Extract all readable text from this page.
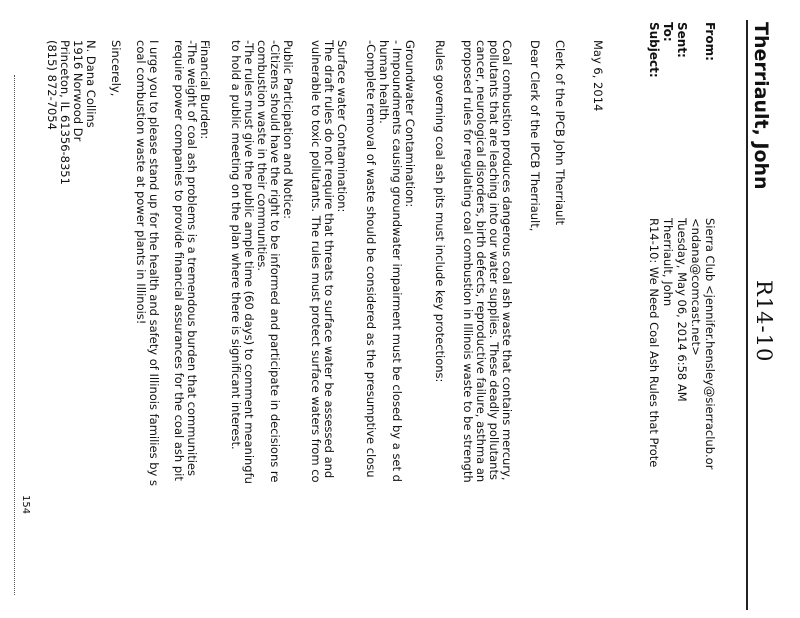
Therriault, John
R14-10
From:
Sierra Club <jennifer.hensley@sierraclub.or
<ndana@comcast.net>
Sent:
Tuesday, May 06, 2014 6:58 AM
To:
Therriault, John
Subject:
R14-10: We Need Coal Ash Rules that Prote
May 6, 2014
Clerk of the IPCB John Therriault
Dear Clerk of the IPCB Therriault,
Coal combustion produces dangerous coal ash waste that contains mercury,
pollutants that are leaching into our water supplies. These deadly pollutants
cancer, neurological disorders, birth defects, reproductive failure, asthma an
proposed rules for regulating coal combustion in Illinois waste to be strength
Rules governing coal ash pits must include key protections:
Groundwater Contamination:
- Impoundments causing groundwater impairment must be closed by a set d
human health.
-Complete removal of waste should be considered as the presumptive closu
Surface water Contamination:
The draft rules do not require that threats to surface water be assessed and
vulnerable to toxic pollutants. The rules must protect surface waters from co
Public Participation and Notice:
-Citizens should have the right to be informed and participate in decisions re
combustion waste in their communities.
-The rules must give the public ample time (60 days) to comment meaningfu
to hold a public meeting on the plan where there is significant interest.
Financial Burden:
-The weight of coal ash problems is a tremendous burden that communities
require power companies to provide financial assurances for the coal ash pit
I urge you to please stand up for the health and safety of Illinois families by s
coal combustion waste at power plants in Illinois!
Sincerely,
N. Dana Collins
1916 Norwood Dr
Princeton, IL 61356-8351
(815) 872-7054
154
